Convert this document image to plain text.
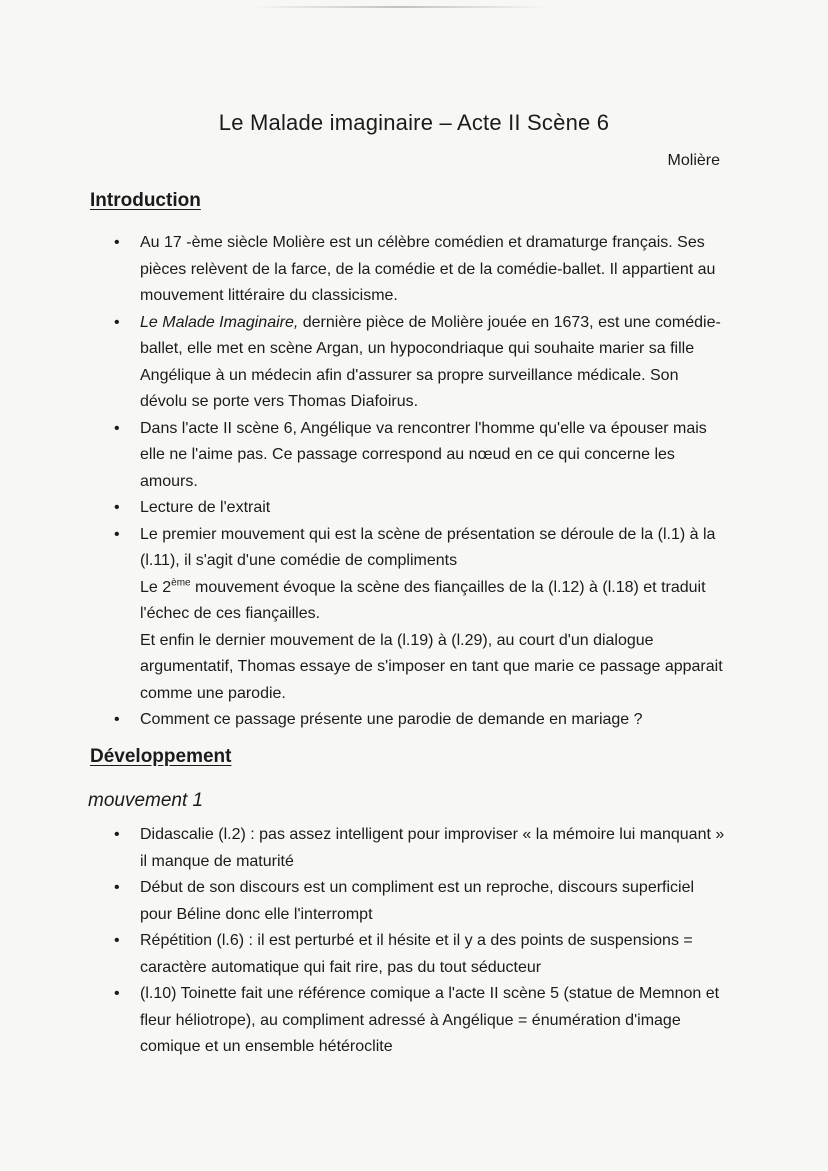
Le Malade imaginaire – Acte II Scène 6
Molière
Introduction
• Au 17 -ème siècle Molière est un célèbre comédien et dramaturge français. Ses pièces relèvent de la farce, de la comédie et de la comédie-ballet. Il appartient au mouvement littéraire du classicisme.
• Le Malade Imaginaire, dernière pièce de Molière jouée en 1673, est une comédie-ballet, elle met en scène Argan, un hypocondriaque qui souhaite marier sa fille Angélique à un médecin afin d'assurer sa propre surveillance médicale. Son dévolu se porte vers Thomas Diafoirus.
• Dans l'acte II scène 6, Angélique va rencontrer l'homme qu'elle va épouser mais elle ne l'aime pas. Ce passage correspond au nœud en ce qui concerne les amours.
• Lecture de l'extrait
• Le premier mouvement qui est la scène de présentation se déroule de la (l.1) à la (l.11), il s'agit d'une comédie de compliments
Le 2ème mouvement évoque la scène des fiançailles de la (l.12) à (l.18) et traduit l'échec de ces fiançailles.
Et enfin le dernier mouvement de la (l.19) à (l.29), au court d'un dialogue argumentatif, Thomas essaye de s'imposer en tant que marie ce passage apparait comme une parodie.
• Comment ce passage présente une parodie de demande en mariage ?
Développement
mouvement 1
• Didascalie (l.2) : pas assez intelligent pour improviser « la mémoire lui manquant » il manque de maturité
• Début de son discours est un compliment est un reproche, discours superficiel pour Béline donc elle l'interrompt
• Répétition (l.6) : il est perturbé et il hésite et il y a des points de suspensions = caractère automatique qui fait rire, pas du tout séducteur
• (l.10) Toinette fait une référence comique a l'acte II scène 5 (statue de Memnon et fleur héliotrope), au compliment adressé à Angélique = énumération d'image comique et un ensemble hétéroclite
